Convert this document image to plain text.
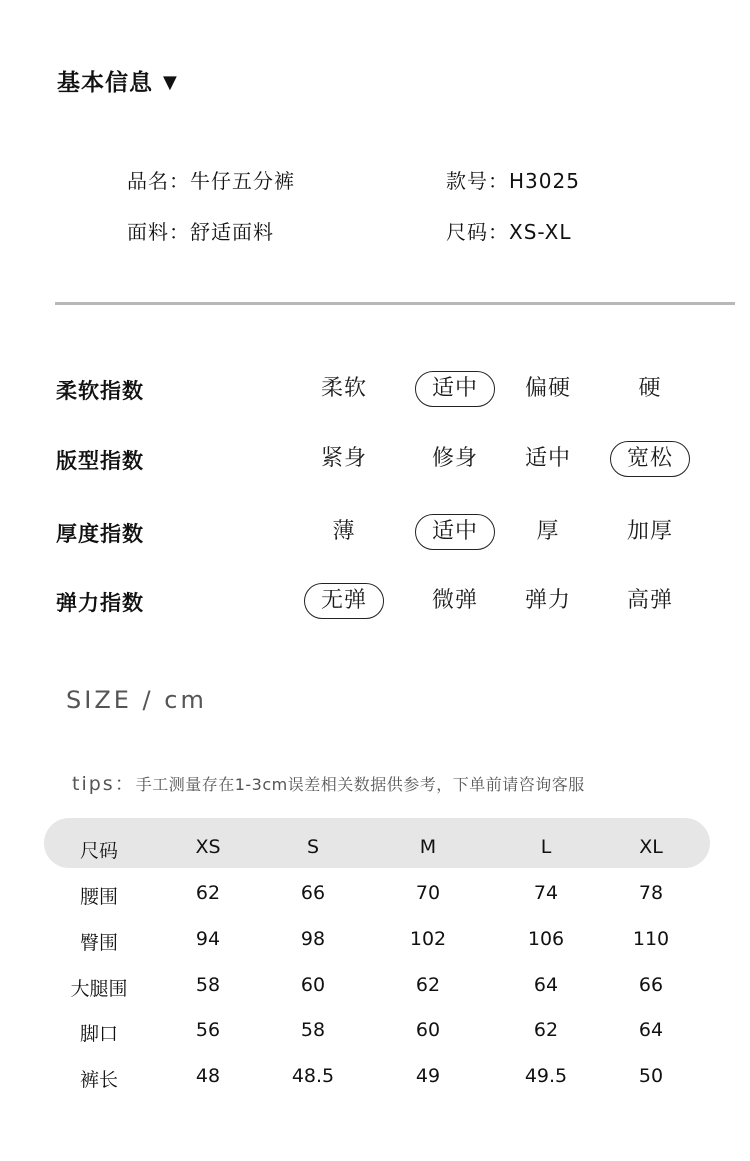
基本信息 ▼
品名：牛仔五分裤	款号：H3025
面料：舒适面料	尺码：XS-XL
柔软指数	柔软	适中	偏硬	硬
版型指数	紧身	修身	适中	宽松
厚度指数	薄	适中	厚	加厚
弹力指数	无弹	微弹	弹力	高弹
SIZE / cm
tips：手工测量存在1-3cm误差相关数据供参考，下单前请咨询客服
尺码	XS	S	M	L	XL
腰围	62	66	70	74	78
臀围	94	98	102	106	110
大腿围	58	60	62	64	66
脚口	56	58	60	62	64
裤长	48	48.5	49	49.5	50
